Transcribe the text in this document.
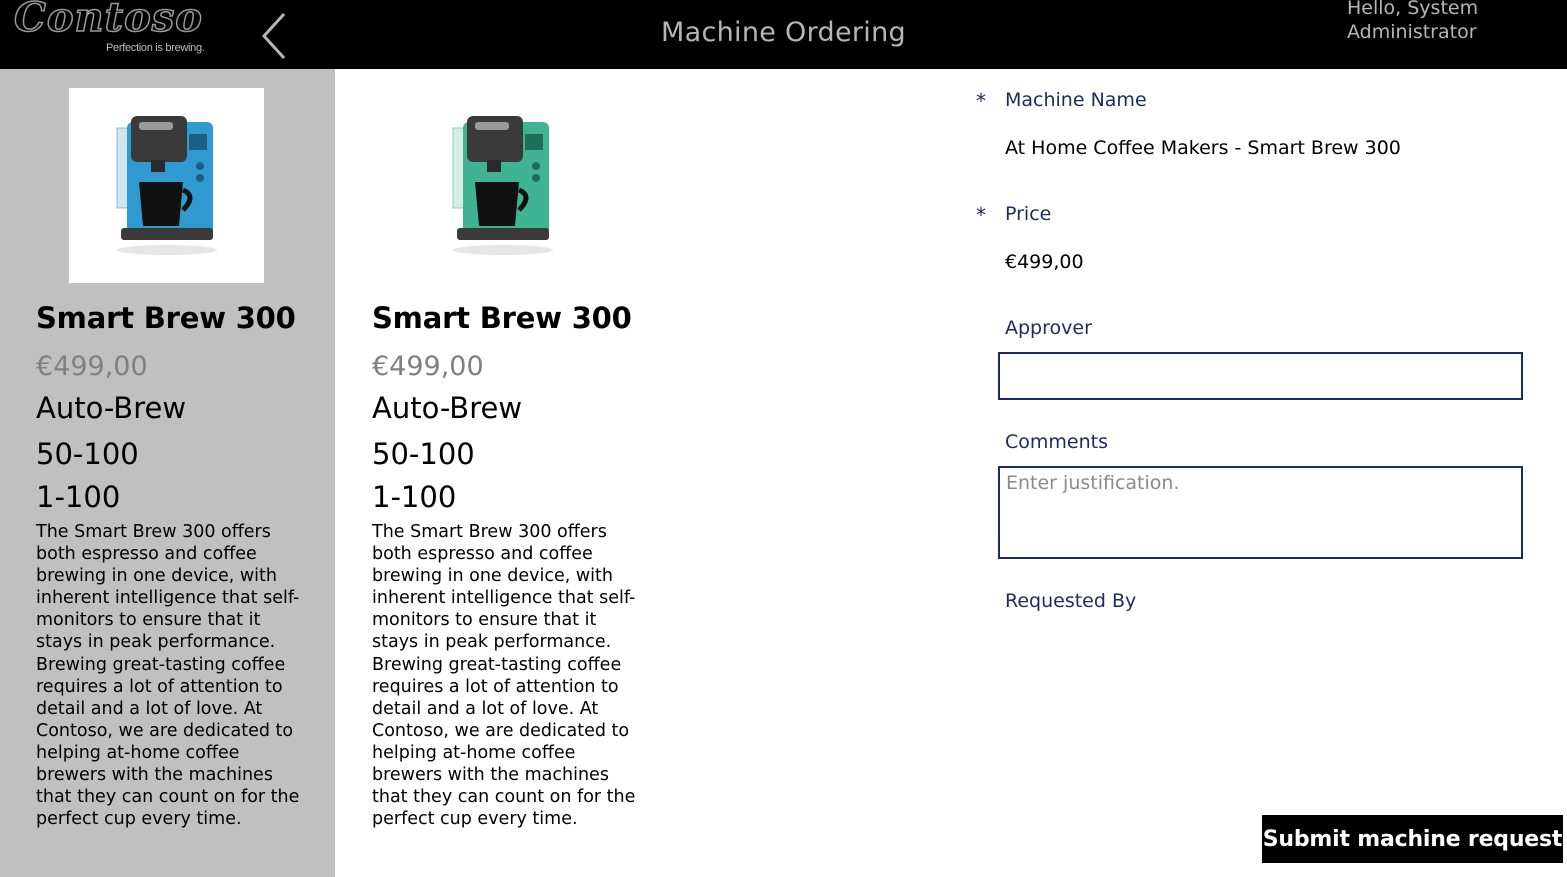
Contoso
Perfection is brewing.	Machine Ordering
Hello, System Administrator
Smart Brew 300
€499,00
Auto-Brew
50-100
1-100
The Smart Brew 300 offers both espresso and coffee brewing in one device, with inherent intelligence that self-monitors to ensure that it stays in peak performance. Brewing great-tasting coffee requires a lot of attention to detail and a lot of love. At Contoso, we are dedicated to helping at-home coffee brewers with the machines that they can count on for the perfect cup every time.
Smart Brew 300
€499,00
Auto-Brew
50-100
1-100
The Smart Brew 300 offers both espresso and coffee brewing in one device, with inherent intelligence that self-monitors to ensure that it stays in peak performance. Brewing great-tasting coffee requires a lot of attention to detail and a lot of love. At Contoso, we are dedicated to helping at-home coffee brewers with the machines that they can count on for the perfect cup every time.
* Machine Name
At Home Coffee Makers - Smart Brew 300
* Price
€499,00
Approver
Comments
Enter justification.
Requested By
Submit machine request
